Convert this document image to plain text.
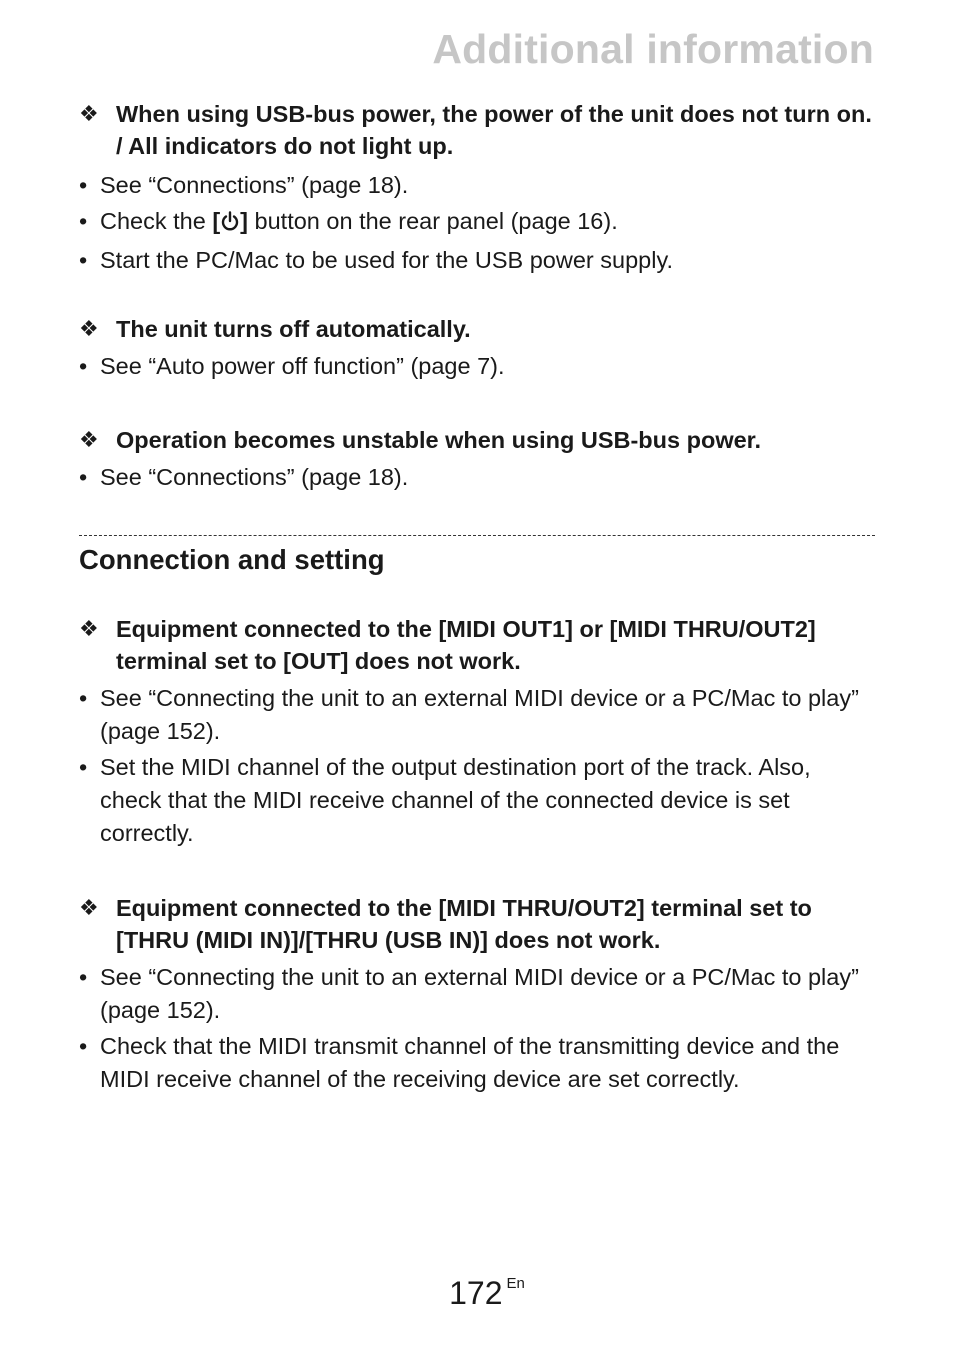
Additional information
❖ When using USB-bus power, the power of the unit does not turn on. / All indicators do not light up.
• See “Connections” (page 18).
• Check the [ ] button on the rear panel (page 16).
• Start the PC/Mac to be used for the USB power supply.
❖ The unit turns off automatically.
• See “Auto power off function” (page 7).
❖ Operation becomes unstable when using USB-bus power.
• See “Connections” (page 18).
Connection and setting
❖ Equipment connected to the [MIDI OUT1] or [MIDI THRU/OUT2] terminal set to [OUT] does not work.
• See “Connecting the unit to an external MIDI device or a PC/Mac to play” (page 152).
• Set the MIDI channel of the output destination port of the track. Also, check that the MIDI receive channel of the connected device is set correctly.
❖ Equipment connected to the [MIDI THRU/OUT2] terminal set to [THRU (MIDI IN)]/[THRU (USB IN)] does not work.
• See “Connecting the unit to an external MIDI device or a PC/Mac to play” (page 152).
• Check that the MIDI transmit channel of the transmitting device and the MIDI receive channel of the receiving device are set correctly.
172 En
